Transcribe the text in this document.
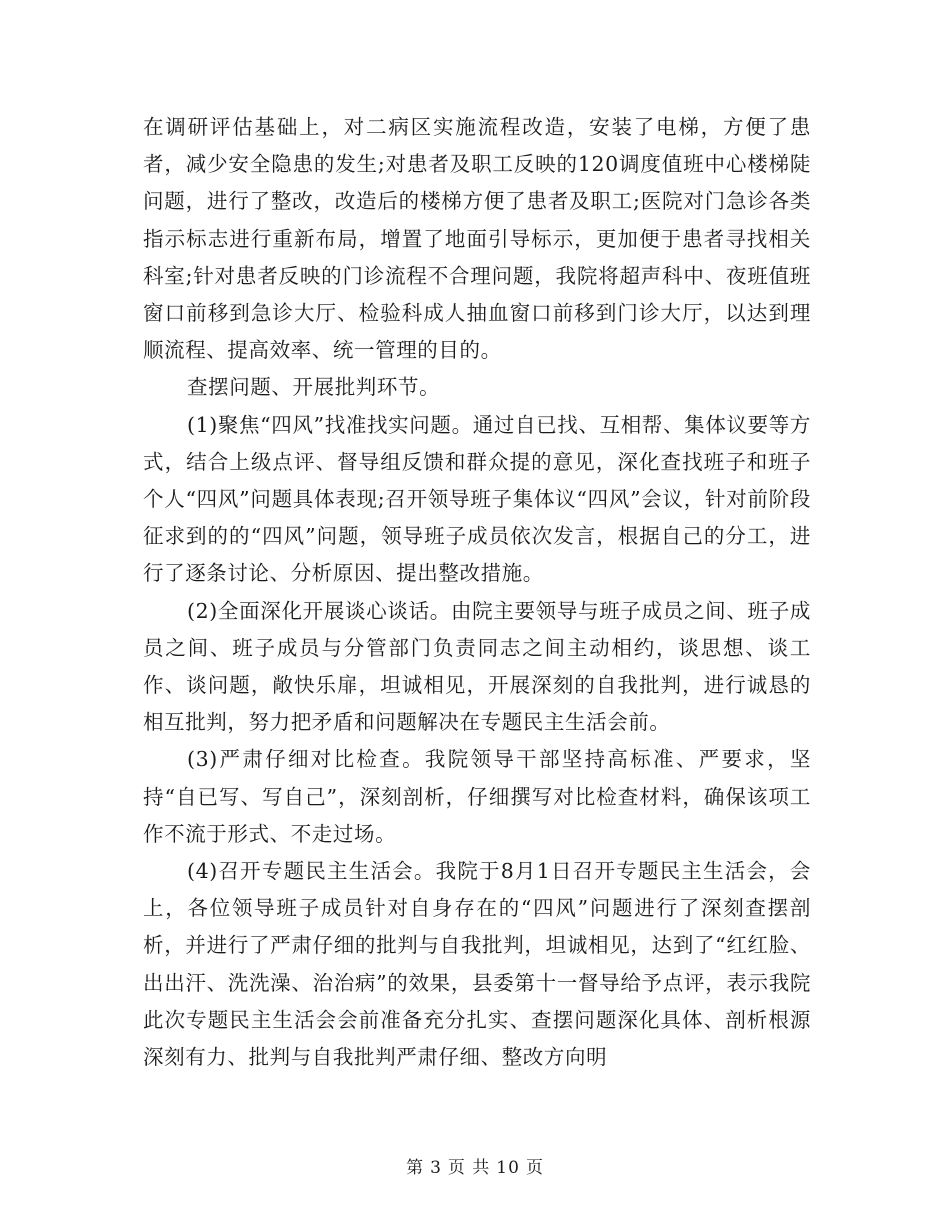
在调研评估基础上，对二病区实施流程改造，安装了电梯，方便了患者，减少安全隐患的发生;对患者及职工反映的120调度值班中心楼梯陡问题，进行了整改，改造后的楼梯方便了患者及职工;医院对门急诊各类指示标志进行重新布局，增置了地面引导标示，更加便于患者寻找相关科室;针对患者反映的门诊流程不合理问题，我院将超声科中、夜班值班窗口前移到急诊大厅、检验科成人抽血窗口前移到门诊大厅，以达到理顺流程、提高效率、统一管理的目的。

查摆问题、开展批判环节。

(1)聚焦“四风”找准找实问题。通过自已找、互相帮、集体议要等方式，结合上级点评、督导组反馈和群众提的意见，深化查找班子和班子个人“四风”问题具体表现;召开领导班子集体议“四风”会议，针对前阶段征求到的的“四风”问题，领导班子成员依次发言，根据自己的分工，进行了逐条讨论、分析原因、提出整改措施。

(2)全面深化开展谈心谈话。由院主要领导与班子成员之间、班子成员之间、班子成员与分管部门负责同志之间主动相约，谈思想、谈工作、谈问题，敞快乐扉，坦诚相见，开展深刻的自我批判，进行诚恳的相互批判，努力把矛盾和问题解决在专题民主生活会前。

(3)严肃仔细对比检查。我院领导干部坚持高标准、严要求，坚持“自已写、写自己”，深刻剖析，仔细撰写对比检查材料，确保该项工作不流于形式、不走过场。

(4)召开专题民主生活会。我院于8月1日召开专题民主生活会，会上，各位领导班子成员针对自身存在的“四风”问题进行了深刻查摆剖析，并进行了严肃仔细的批判与自我批判，坦诚相见，达到了“红红脸、出出汗、洗洗澡、治治病”的效果，县委第十一督导给予点评，表示我院此次专题民主生活会会前准备充分扎实、查摆问题深化具体、剖析根源深刻有力、批判与自我批判严肃仔细、整改方向明

第 3 页 共 10 页
